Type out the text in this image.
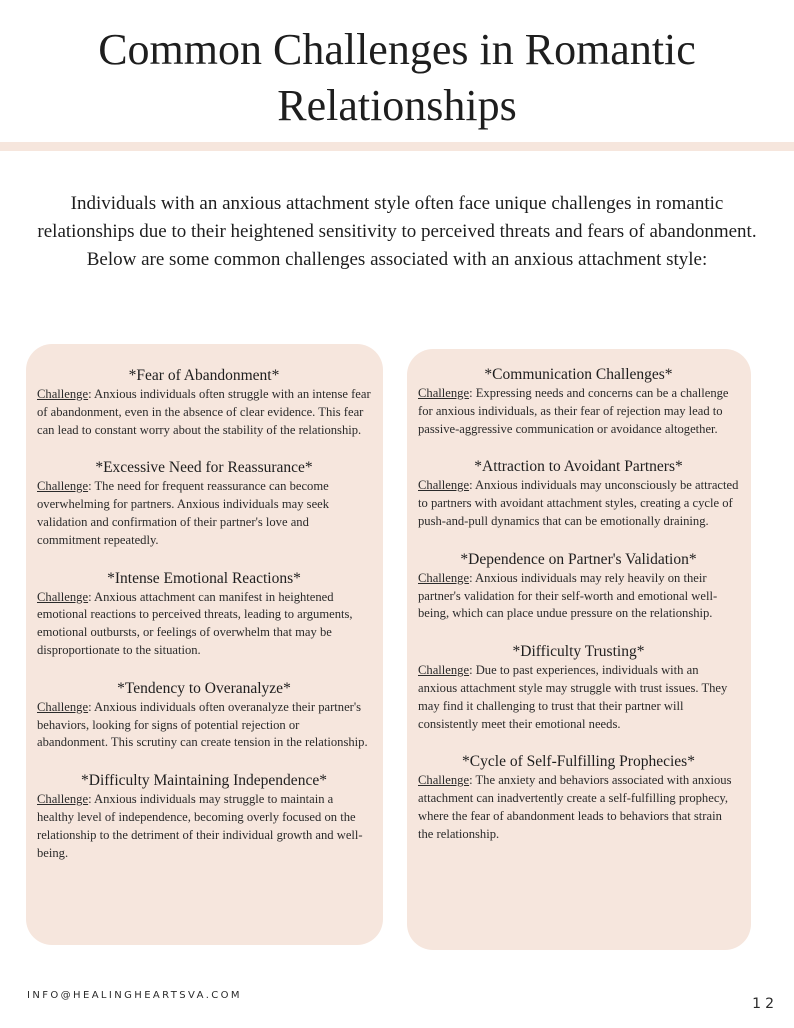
Common Challenges in Romantic
Relationships

Individuals with an anxious attachment style often face unique challenges in romantic relationships due to their heightened sensitivity to perceived threats and fears of abandonment. Below are some common challenges associated with an anxious attachment style:

*Fear of Abandonment*

Challenge: Anxious individuals often struggle with an intense fear of abandonment, even in the absence of clear evidence. This fear can lead to constant worry about the stability of the relationship.

*Excessive Need for Reassurance*

Challenge: The need for frequent reassurance can become overwhelming for partners. Anxious individuals may seek validation and confirmation of their partner's love and commitment repeatedly.

*Intense Emotional Reactions*

Challenge: Anxious attachment can manifest in heightened emotional reactions to perceived threats, leading to arguments, emotional outbursts, or feelings of overwhelm that may be disproportionate to the situation.

*Tendency to Overanalyze*

Challenge: Anxious individuals often overanalyze their partner's behaviors, looking for signs of potential rejection or abandonment. This scrutiny can create tension in the relationship.

*Difficulty Maintaining Independence*

Challenge: Anxious individuals may struggle to maintain a healthy level of independence, becoming overly focused on the relationship to the detriment of their individual growth and well-being.

*Communication Challenges*

Challenge: Expressing needs and concerns can be a challenge for anxious individuals, as their fear of rejection may lead to passive-aggressive communication or avoidance altogether.

*Attraction to Avoidant Partners*

Challenge: Anxious individuals may unconsciously be attracted to partners with avoidant attachment styles, creating a cycle of push-and-pull dynamics that can be emotionally draining.

*Dependence on Partner's Validation*

Challenge: Anxious individuals may rely heavily on their partner's validation for their self-worth and emotional well-being, which can place undue pressure on the relationship.

*Difficulty Trusting*

Challenge: Due to past experiences, individuals with an anxious attachment style may struggle with trust issues. They may find it challenging to trust that their partner will consistently meet their emotional needs.

*Cycle of Self-Fulfilling Prophecies*

Challenge: The anxiety and behaviors associated with anxious attachment can inadvertently create a self-fulfilling prophecy, where the fear of abandonment leads to behaviors that strain the relationship.

INFO@HEALINGHEARTSVA.COM
12
